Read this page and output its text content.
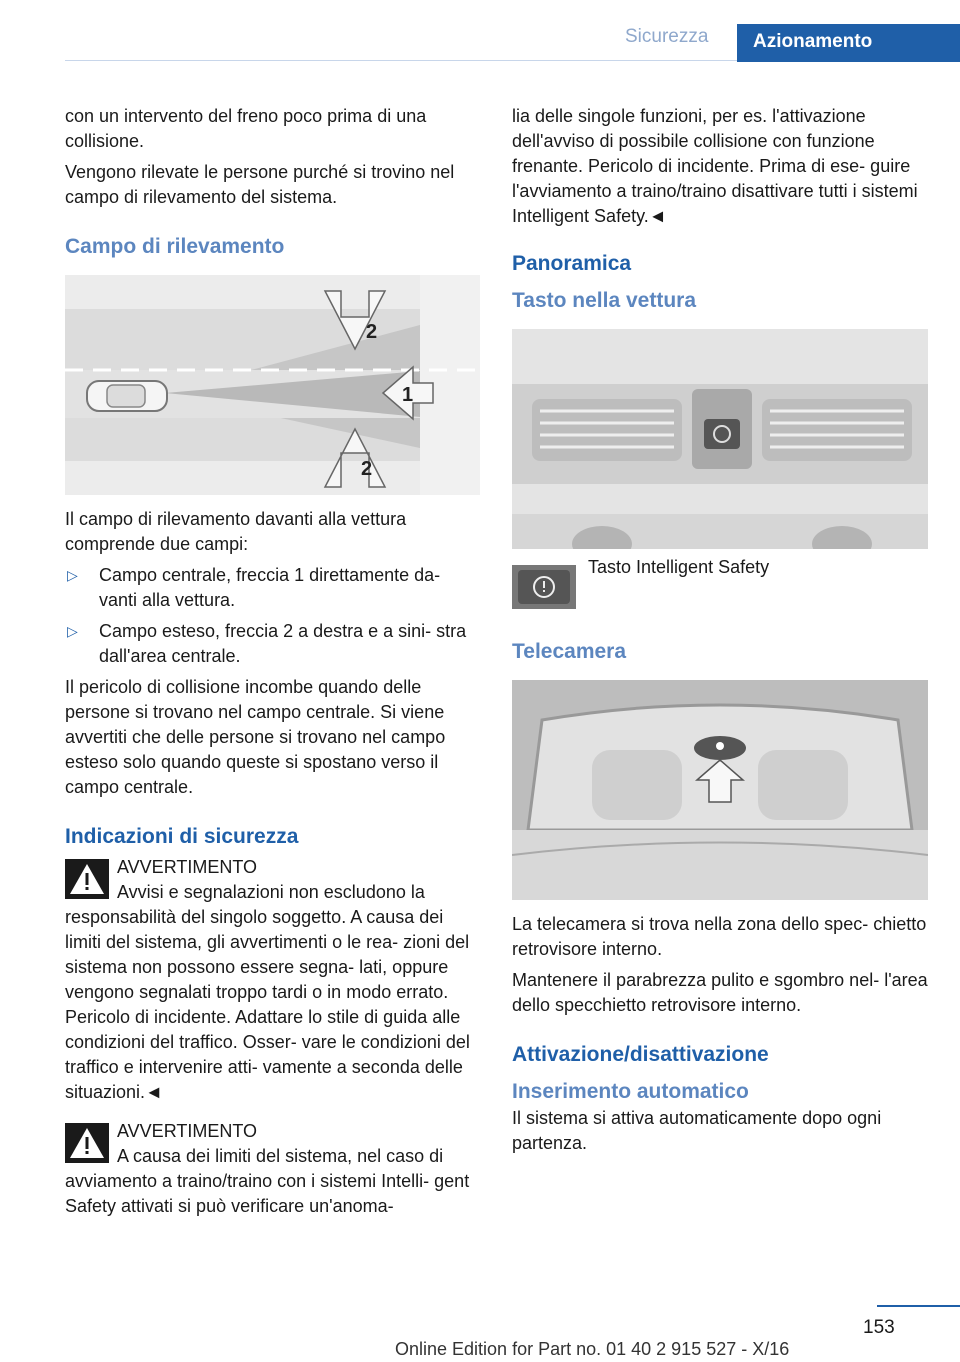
Sicurezza	Azionamento

con un intervento del freno poco prima di una collisione.

Vengono rilevate le persone purché si trovino nel campo di rilevamento del sistema.

Campo di rilevamento
2
1
2

Il campo di rilevamento davanti alla vettura comprende due campi:

▷ Campo centrale, freccia 1 direttamente da- vanti alla vettura.
▷ Campo esteso, freccia 2 a destra e a sini- stra dall'area centrale.

Il pericolo di collisione incombe quando delle persone si trovano nel campo centrale. Si viene avvertiti che delle persone si trovano nel campo esteso solo quando queste si spostano verso il campo centrale.

Indicazioni di sicurezza
AVVERTIMENTO
Avvisi e segnalazioni non escludono la
responsabilità del singolo soggetto. A causa dei limiti del sistema, gli avvertimenti o le rea- zioni del sistema non possono essere segna- lati, oppure vengono segnalati troppo tardi o in modo errato. Pericolo di incidente. Adattare lo stile di guida alle condizioni del traffico. Osser- vare le condizioni del traffico e intervenire atti- vamente a seconda delle situazioni.◄
AVVERTIMENTO
A causa dei limiti del sistema, nel caso di
avviamento a traino/traino con i sistemi Intelli- gent Safety attivati si può verificare un'anoma-

lia delle singole funzioni, per es. l'attivazione dell'avviso di possibile collisione con funzione frenante. Pericolo di incidente. Prima di ese- guire l'avviamento a traino/traino disattivare tutti i sistemi Intelligent Safety.◄

Panoramica
Tasto nella vettura
Tasto Intelligent Safety
Telecamera

La telecamera si trova nella zona dello spec- chietto retrovisore interno.

Mantenere il parabrezza pulito e sgombro nel- l'area dello specchietto retrovisore interno.

Attivazione/disattivazione
Inserimento automatico

Il sistema si attiva automaticamente dopo ogni partenza.

153
Online Edition for Part no. 01 40 2 915 527 - X/16
